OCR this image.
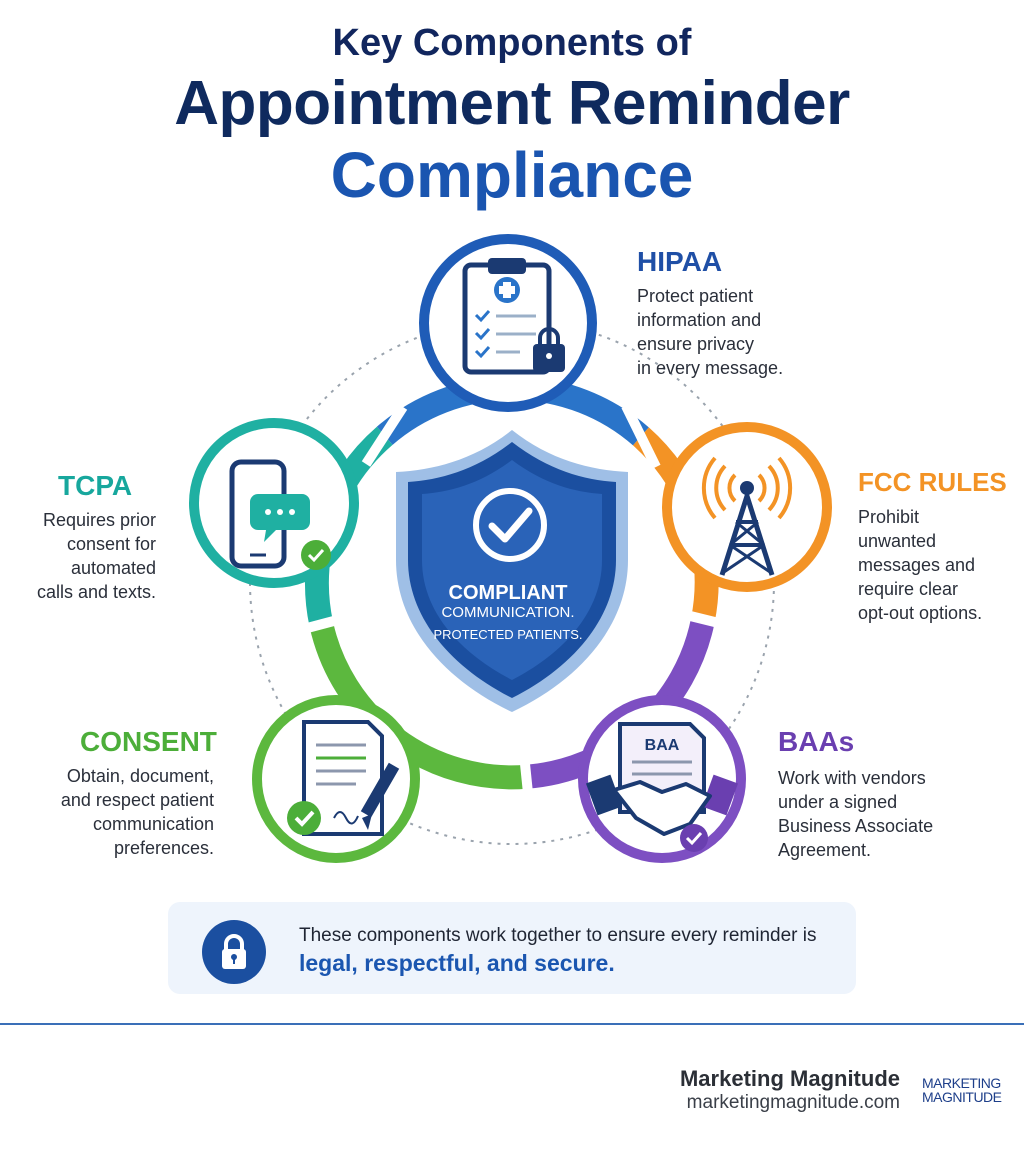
Key Components of
Appointment Reminder
Compliance
COMPLIANT
COMMUNICATION.
PROTECTED PATIENTS.
BAA
HIPAA
Protect patient
information and
ensure privacy
in every message.
FCC RULES
Prohibit
unwanted
messages and
require clear
opt-out options.
BAAs
Work with vendors
under a signed
Business Associate
Agreement.
CONSENT
Obtain, document,
and respect patient
communication
preferences.
TCPA
Requires prior
consent for
automated
calls and texts.
These components work together to ensure every reminder is
legal, respectful, and secure.
Marketing Magnitude
marketingmagnitude.com
MARKETING
MAGNITUDE
